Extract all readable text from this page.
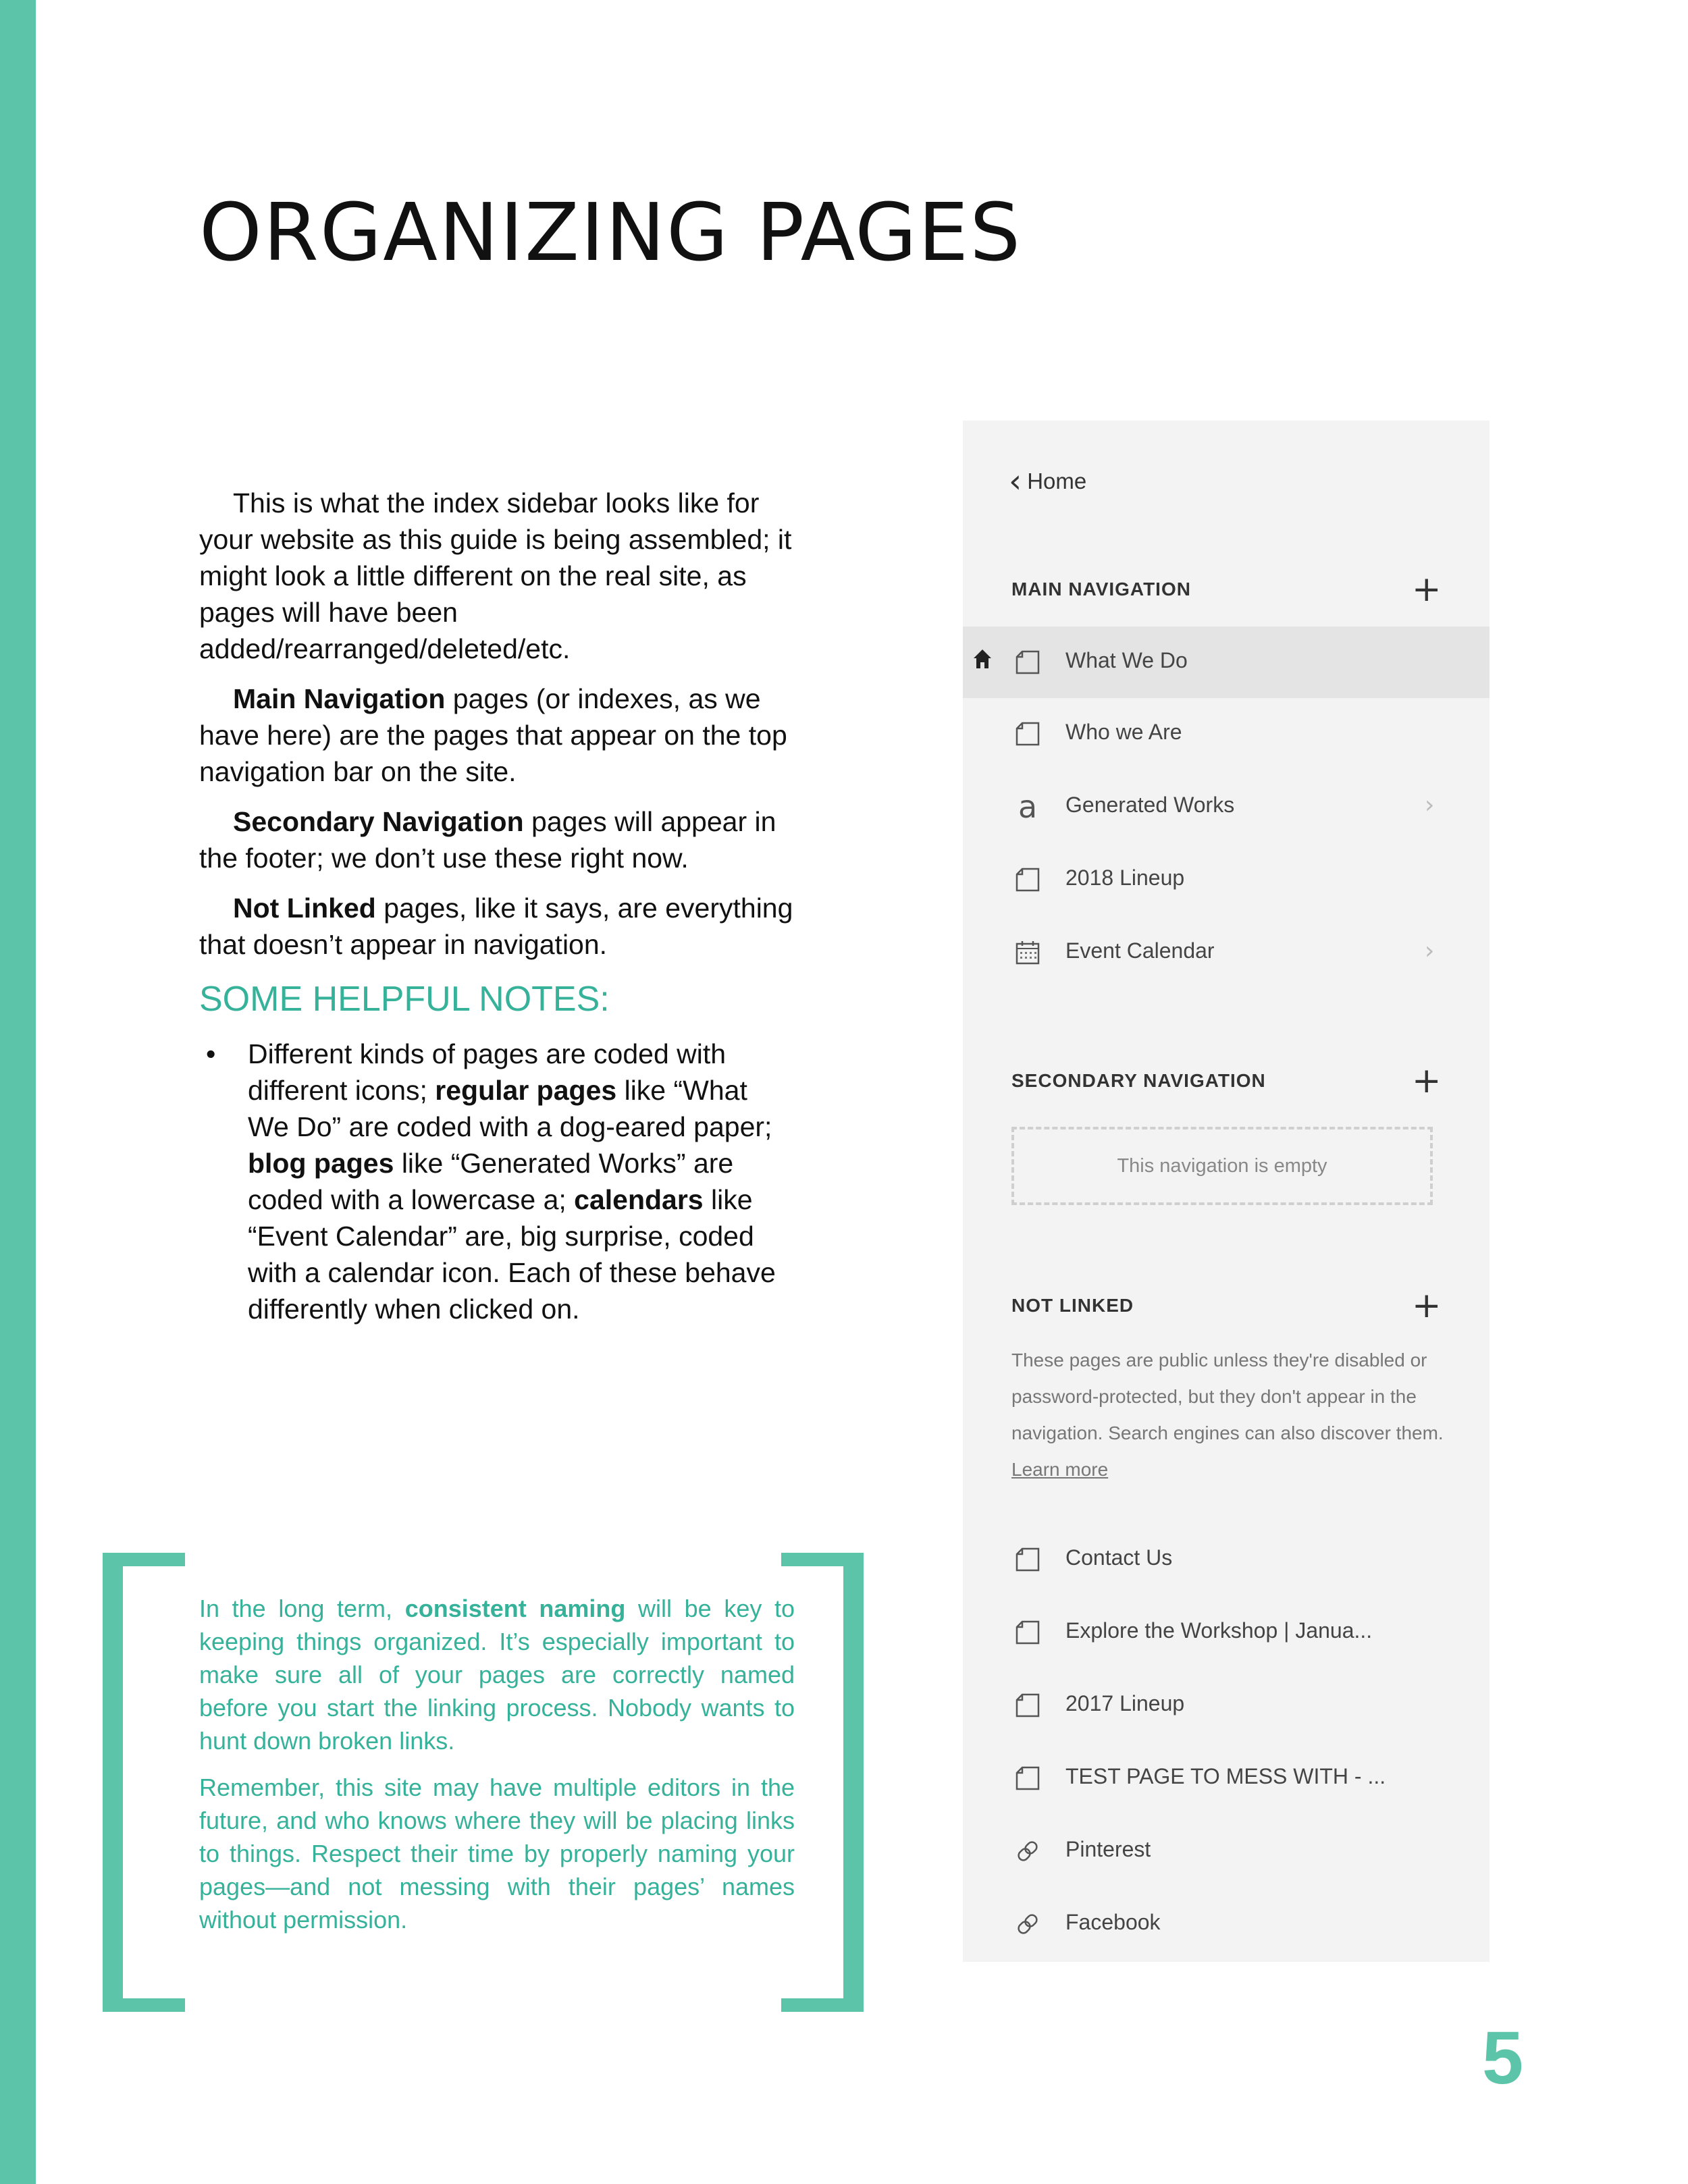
ORGANIZING PAGES

This is what the index sidebar looks like for your website as this guide is being assembled; it might look a little different on the real site, as pages will have been added/rearranged/deleted/etc.

Main Navigation pages (or indexes, as we have here) are the pages that appear on the top navigation bar on the site.

Secondary Navigation pages will appear in the footer; we don’t use these right now.

Not Linked pages, like it says, are everything that doesn’t appear in navigation.

SOME HELPFUL NOTES:
•	Different kinds of pages are coded with different icons; regular pages like “What We Do” are coded with a dog-eared paper; blog pages like “Generated Works” are coded with a lowercase a; calendars like “Event Calendar” are, big surprise, coded with a calendar icon. Each of these behave differently when clicked on.

In the long term, consistent naming will be key to keeping things organized. It’s especially important to make sure all of your pages are correctly named before you start the linking process. Nobody wants to hunt down broken links.

Remember, this site may have multiple editors in the future, and who knows where they will be placing links to things. Respect their time by properly naming your pages—and not messing with their pages’ names without permission.

5
‹ Home
MAIN NAVIGATION	+
What We Do
Who we Are
a Generated Works	›
2018 Lineup
Event Calendar	›
SECONDARY NAVIGATION	+
This navigation is empty
NOT LINKED	+
These pages are public unless they're disabled or password-protected, but they don't appear in the navigation. Search engines can also discover them. Learn more
Contact Us
Explore the Workshop | Janua...
2017 Lineup
TEST PAGE TO MESS WITH - ...
Pinterest
Facebook
